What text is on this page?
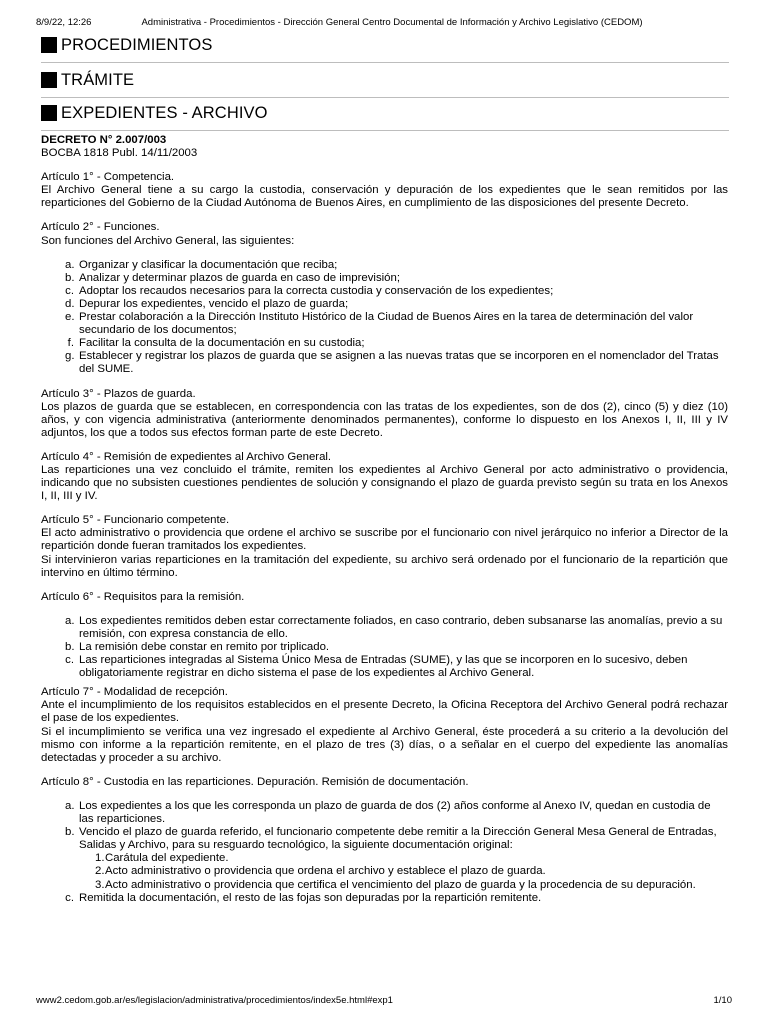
8/9/22, 12:26	Administrativa - Procedimientos - Dirección General Centro Documental de Información y Archivo Legislativo (CEDOM)
PROCEDIMIENTOS
TRÁMITE
EXPEDIENTES - ARCHIVO

DECRETO N° 2.007/003

BOCBA 1818 Publ. 14/11/2003

Artículo 1° - Competencia.

El Archivo General tiene a su cargo la custodia, conservación y depuración de los expedientes que le sean remitidos por las reparticiones del Gobierno de la Ciudad Autónoma de Buenos Aires, en cumplimiento de las disposiciones del presente Decreto.

Artículo 2° - Funciones.

Son funciones del Archivo General, las siguientes:

a. Organizar y clasificar la documentación que reciba;
b. Analizar y determinar plazos de guarda en caso de imprevisión;
c. Adoptar los recaudos necesarios para la correcta custodia y conservación de los expedientes;
d. Depurar los expedientes, vencido el plazo de guarda;
e. Prestar colaboración a la Dirección Instituto Histórico de la Ciudad de Buenos Aires en la tarea de determinación del valor secundario de los documentos;
f. Facilitar la consulta de la documentación en su custodia;
g. Establecer y registrar los plazos de guarda que se asignen a las nuevas tratas que se incorporen en el nomenclador del Tratas del SUME.

Artículo 3° - Plazos de guarda.

Los plazos de guarda que se establecen, en correspondencia con las tratas de los expedientes, son de dos (2), cinco (5) y diez (10) años, y con vigencia administrativa (anteriormente denominados permanentes), conforme lo dispuesto en los Anexos I, II, III y IV adjuntos, los que a todos sus efectos forman parte de este Decreto.

Artículo 4° - Remisión de expedientes al Archivo General.

Las reparticiones una vez concluido el trámite, remiten los expedientes al Archivo General por acto administrativo o providencia, indicando que no subsisten cuestiones pendientes de solución y consignando el plazo de guarda previsto según su trata en los Anexos I, II, III y IV.

Artículo 5° - Funcionario competente.

El acto administrativo o providencia que ordene el archivo se suscribe por el funcionario con nivel jerárquico no inferior a Director de la repartición donde fueran tramitados los expedientes.

Si intervinieron varias reparticiones en la tramitación del expediente, su archivo será ordenado por el funcionario de la repartición que intervino en último término.

Artículo 6° - Requisitos para la remisión.

a. Los expedientes remitidos deben estar correctamente foliados, en caso contrario, deben subsanarse las anomalías, previo a su remisión, con expresa constancia de ello.
b. La remisión debe constar en remito por triplicado.
c. Las reparticiones integradas al Sistema Único Mesa de Entradas (SUME), y las que se incorporen en lo sucesivo, deben obligatoriamente registrar en dicho sistema el pase de los expedientes al Archivo General.

Artículo 7° - Modalidad de recepción.

Ante el incumplimiento de los requisitos establecidos en el presente Decreto, la Oficina Receptora del Archivo General podrá rechazar el pase de los expedientes.

Si el incumplimiento se verifica una vez ingresado el expediente al Archivo General, éste procederá a su criterio a la devolución del mismo con informe a la repartición remitente, en el plazo de tres (3) días, o a señalar en el cuerpo del expediente las anomalías detectadas y proceder a su archivo.

Artículo 8° - Custodia en las reparticiones. Depuración. Remisión de documentación.

a. Los expedientes a los que les corresponda un plazo de guarda de dos (2) años conforme al Anexo IV, quedan en custodia de las reparticiones.
b. Vencido el plazo de guarda referido, el funcionario competente debe remitir a la Dirección General Mesa General de Entradas, Salidas y Archivo, para su resguardo tecnológico, la siguiente documentación original:
1. Carátula del expediente.
2. Acto administrativo o providencia que ordena el archivo y establece el plazo de guarda.
3. Acto administrativo o providencia que certifica el vencimiento del plazo de guarda y la procedencia de su depuración.
c. Remitida la documentación, el resto de las fojas son depuradas por la repartición remitente.
www2.cedom.gob.ar/es/legislacion/administrativa/procedimientos/index5e.html#exp1	1/10
